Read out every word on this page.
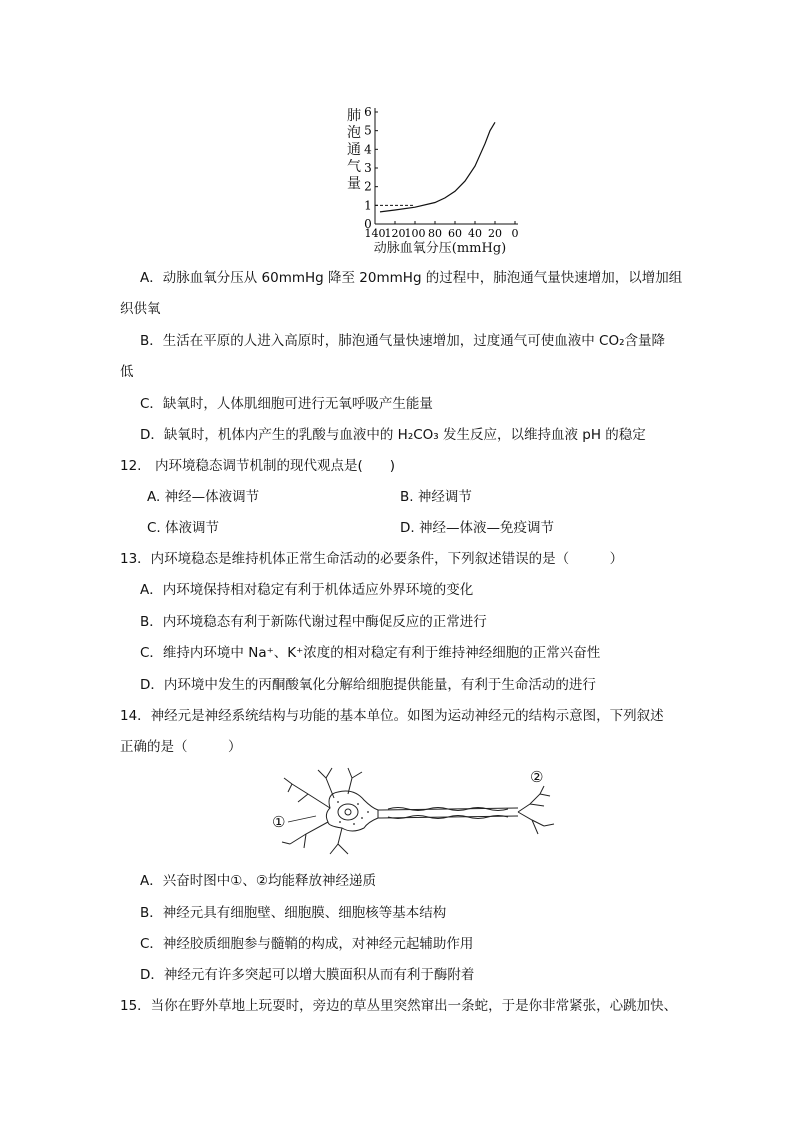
肺泡通气量
0
1
2
3
4
5
6
140 120 100 80 60 40 20 0
动脉血氧分压(mmHg)
A．动脉血氧分压从 60mmHg 降至 20mmHg 的过程中，肺泡通气量快速增加，以增加组
织供氧
B．生活在平原的人进入高原时，肺泡通气量快速增加，过度通气可使血液中 CO₂含量降
低
C．缺氧时，人体肌细胞可进行无氧呼吸产生能量
D．缺氧时，机体内产生的乳酸与血液中的 H₂CO₃ 发生反应，以维持血液 pH 的稳定
12.　内环境稳态调节机制的现代观点是(　　)
A. 神经—体液调节	B. 神经调节
C. 体液调节	D. 神经—体液—免疫调节
13．内环境稳态是维持机体正常生命活动的必要条件，下列叙述错误的是（　　　）
A．内环境保持相对稳定有利于机体适应外界环境的变化
B．内环境稳态有利于新陈代谢过程中酶促反应的正常进行
C．维持内环境中 Na⁺、K⁺浓度的相对稳定有利于维持神经细胞的正常兴奋性
D．内环境中发生的丙酮酸氧化分解给细胞提供能量，有利于生命活动的进行
14．神经元是神经系统结构与功能的基本单位。如图为运动神经元的结构示意图，下列叙述
正确的是（　　　）
①
②
A．兴奋时图中①、②均能释放神经递质
B．神经元具有细胞壁、细胞膜、细胞核等基本结构
C．神经胶质细胞参与髓鞘的构成，对神经元起辅助作用
D．神经元有许多突起可以增大膜面积从而有利于酶附着
15．当你在野外草地上玩耍时，旁边的草丛里突然窜出一条蛇，于是你非常紧张，心跳加快、
